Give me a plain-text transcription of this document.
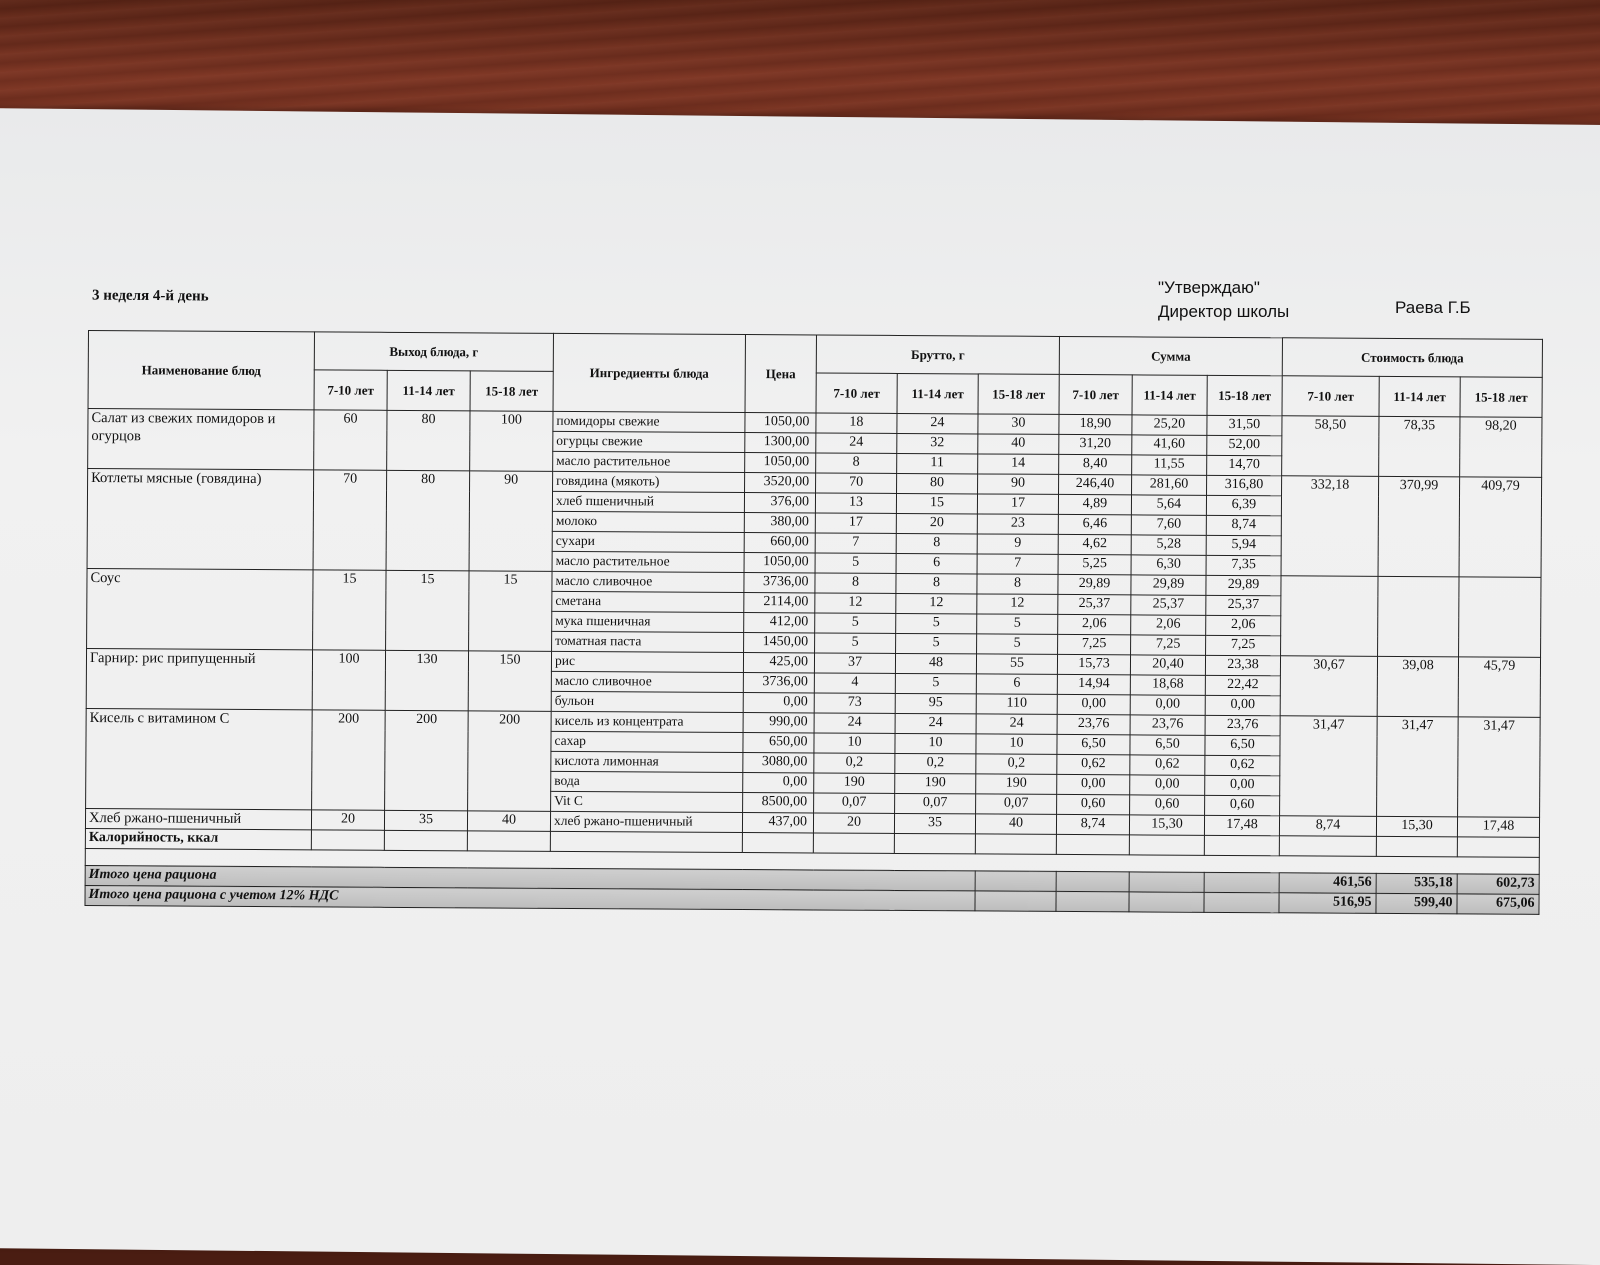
3 неделя 4-й день	"Утверждаю"
Директор школы	Раева Г.Б
Наименование блюд	Выход блюда, г			Ингредиенты блюда	Цена	Брутто, г			Сумма			Стоимость блюда		
	7-10 лет	11-14 лет	15-18 лет			7-10 лет	11-14 лет	15-18 лет	7-10 лет	11-14 лет	15-18 лет	7-10 лет	11-14 лет	15-18 лет
Салат из свежих помидоров и огурцов	60	80	100	помидоры свежие	1050,00	18	24	30	18,90	25,20	31,50	58,50	78,35	98,20
				огурцы свежие	1300,00	24	32	40	31,20	41,60	52,00			
				масло растительное	1050,00	8	11	14	8,40	11,55	14,70			
Котлеты мясные (говядина)	70	80	90	говядина (мякоть)	3520,00	70	80	90	246,40	281,60	316,80	332,18	370,99	409,79
				хлеб пшеничный	376,00	13	15	17	4,89	5,64	6,39			
				молоко	380,00	17	20	23	6,46	7,60	8,74			
				сухари	660,00	7	8	9	4,62	5,28	5,94			
				масло растительное	1050,00	5	6	7	5,25	6,30	7,35			
Соус	15	15	15	масло сливочное	3736,00	8	8	8	29,89	29,89	29,89			
				сметана	2114,00	12	12	12	25,37	25,37	25,37			
				мука пшеничная	412,00	5	5	5	2,06	2,06	2,06			
				томатная паста	1450,00	5	5	5	7,25	7,25	7,25			
Гарнир: рис припущенный	100	130	150	рис	425,00	37	48	55	15,73	20,40	23,38	30,67	39,08	45,79
				масло сливочное	3736,00	4	5	6	14,94	18,68	22,42			
				бульон	0,00	73	95	110	0,00	0,00	0,00			
Кисель с витамином С	200	200	200	кисель из концентрата	990,00	24	24	24	23,76	23,76	23,76	31,47	31,47	31,47
				сахар	650,00	10	10	10	6,50	6,50	6,50			
				кислота лимонная	3080,00	0,2	0,2	0,2	0,62	0,62	0,62			
				вода	0,00	190	190	190	0,00	0,00	0,00			
				Vit C	8500,00	0,07	0,07	0,07	0,60	0,60	0,60			
Хлеб ржано-пшеничный	20	35	40	хлеб ржано-пшеничный	437,00	20	35	40	8,74	15,30	17,48	8,74	15,30	17,48
Калорийность, ккал														

Итого цена рациона												461,56	535,18	602,73
Итого цена рациона с учетом 12% НДС												516,95	599,40	675,06
